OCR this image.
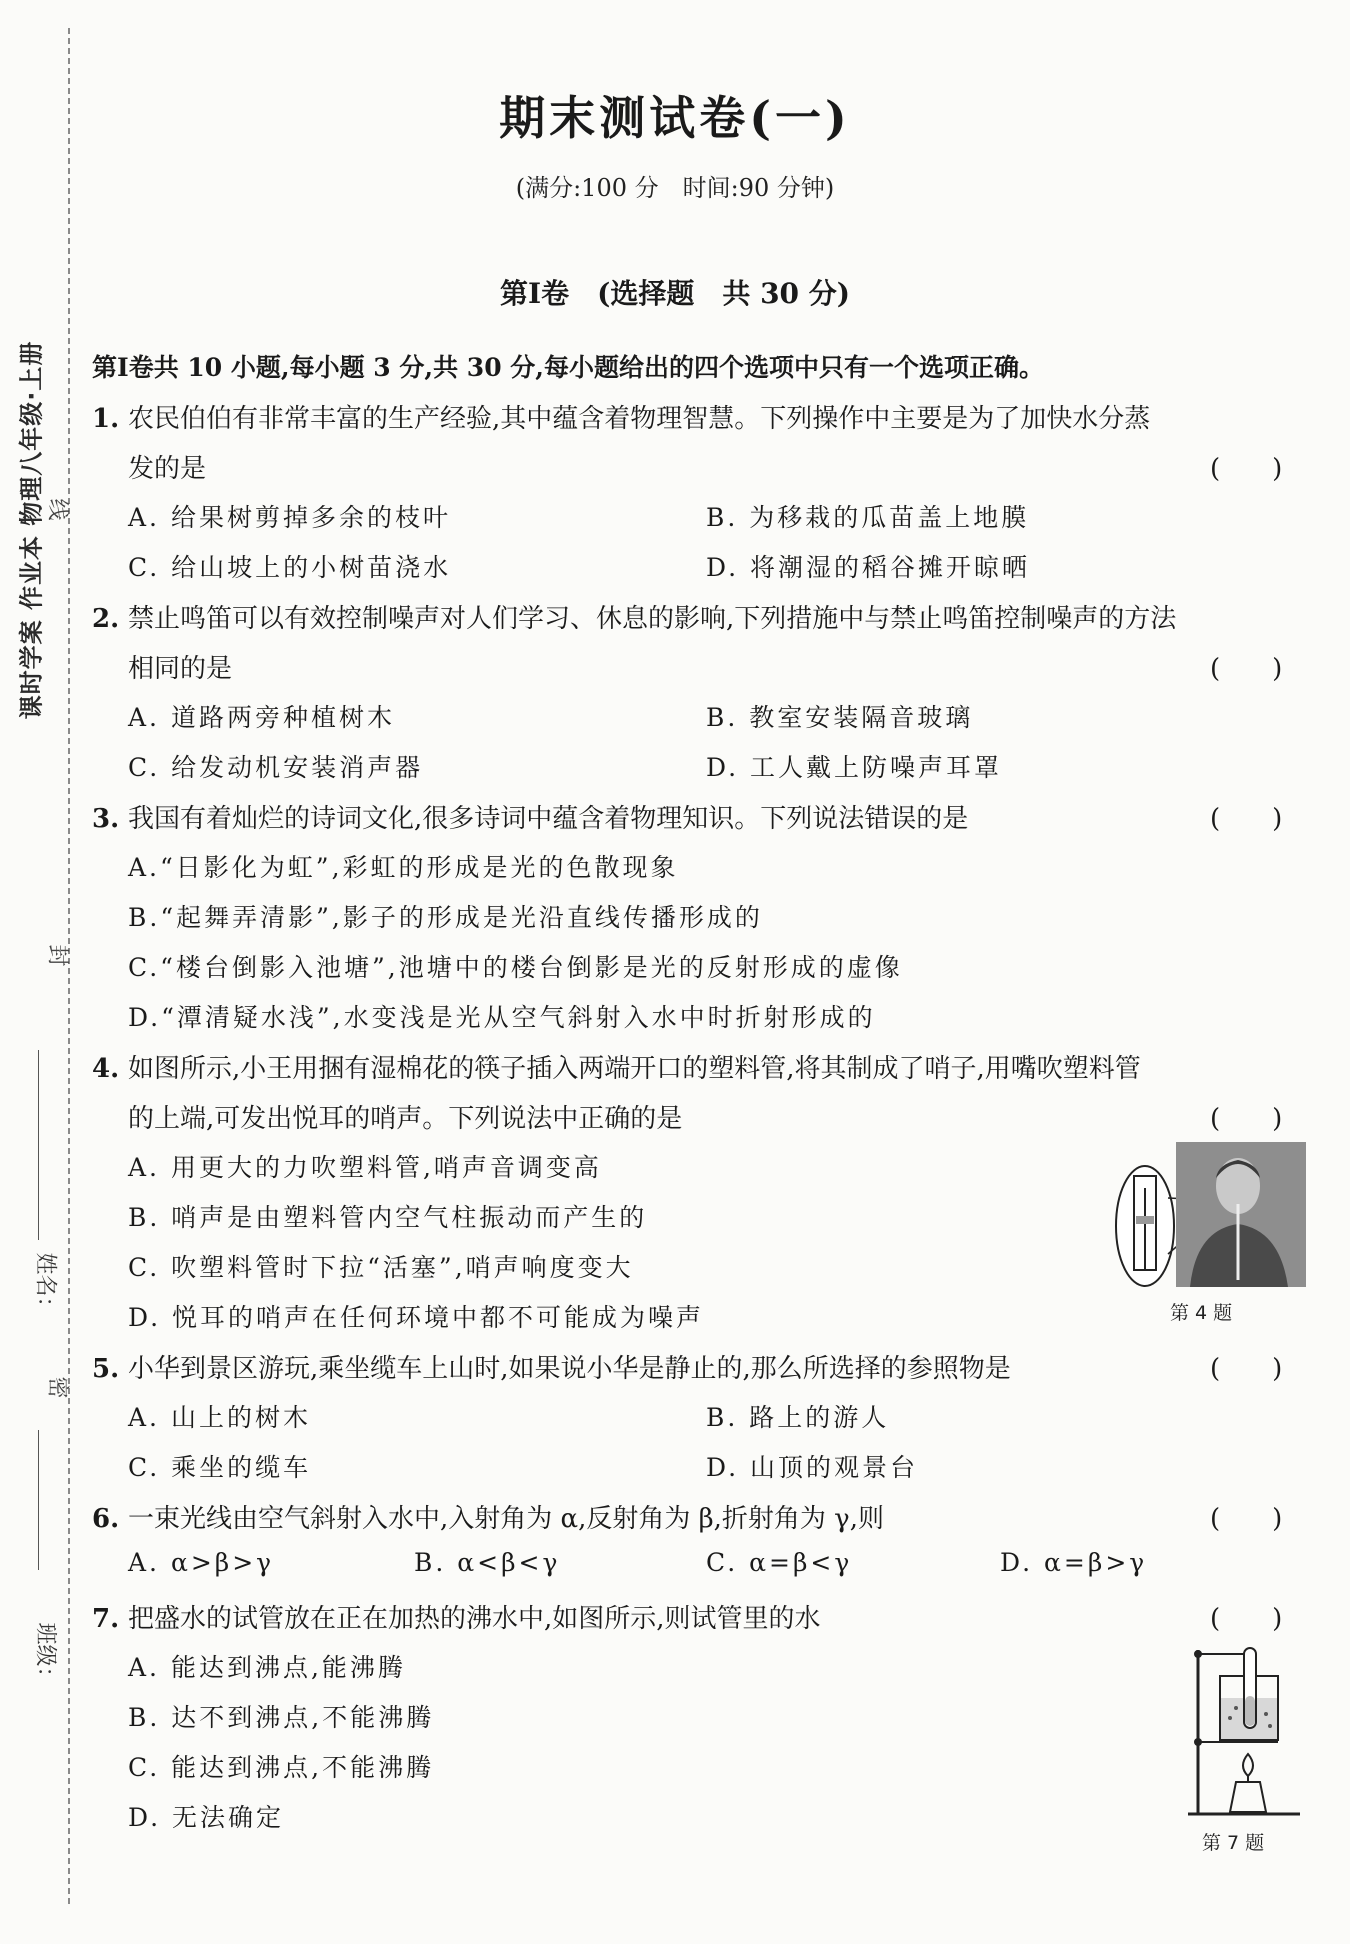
课时学案 作业本 物理八年级·上册 线
封
密
姓名：
班级：
期末测试卷(一)
(满分:100 分　时间:90 分钟)
第Ⅰ卷　(选择题　共 30 分)
第Ⅰ卷共 10 小题,每小题 3 分,共 30 分,每小题给出的四个选项中只有一个选项正确。
1. 农民伯伯有非常丰富的生产经验,其中蕴含着物理智慧。下列操作中主要是为了加快水分蒸
发的是	(　　)
A. 给果树剪掉多余的枝叶	B. 为移栽的瓜苗盖上地膜
C. 给山坡上的小树苗浇水	D. 将潮湿的稻谷摊开晾晒
2. 禁止鸣笛可以有效控制噪声对人们学习、休息的影响,下列措施中与禁止鸣笛控制噪声的方法
相同的是	(　　)
A. 道路两旁种植树木	B. 教室安装隔音玻璃
C. 给发动机安装消声器	D. 工人戴上防噪声耳罩
3. 我国有着灿烂的诗词文化,很多诗词中蕴含着物理知识。下列说法错误的是	(　　)
A.“日影化为虹”,彩虹的形成是光的色散现象
B.“起舞弄清影”,影子的形成是光沿直线传播形成的
C.“楼台倒影入池塘”,池塘中的楼台倒影是光的反射形成的虚像
D.“潭清疑水浅”,水变浅是光从空气斜射入水中时折射形成的
4. 如图所示,小王用捆有湿棉花的筷子插入两端开口的塑料管,将其制成了哨子,用嘴吹塑料管
的上端,可发出悦耳的哨声。下列说法中正确的是	(　　)
A. 用更大的力吹塑料管,哨声音调变高
B. 哨声是由塑料管内空气柱振动而产生的
C. 吹塑料管时下拉“活塞”,哨声响度变大
D. 悦耳的哨声在任何环境中都不可能成为噪声	第 4 题
5. 小华到景区游玩,乘坐缆车上山时,如果说小华是静止的,那么所选择的参照物是	(　　)
A. 山上的树木	B. 路上的游人
C. 乘坐的缆车	D. 山顶的观景台
6. 一束光线由空气斜射入水中,入射角为 α,反射角为 β,折射角为 γ,则	(　　)
A. α>β>γ	B. α<β<γ	C. α=β<γ	D. α=β>γ
7. 把盛水的试管放在正在加热的沸水中,如图所示,则试管里的水	(　　)
A. 能达到沸点,能沸腾
B. 达不到沸点,不能沸腾
C. 能达到沸点,不能沸腾
D. 无法确定
第 7 题
